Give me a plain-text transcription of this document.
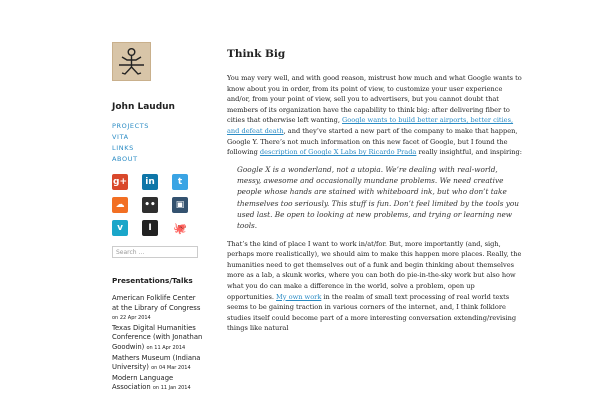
John Laudun
PROJECTS
VITA
LINKS
ABOUT
g+	in	t
☁	••	▣
v	I	🐙
Search ...
Presentations/Talks

American Folklife Center at the Library of Congress on 22 Apr 2014

Texas Digital Humanities Conference (with Jonathan Goodwin) on 11 Apr 2014

Mathers Museum (Indiana University) on 04 Mar 2014

Modern Language Association on 11 Jan 2014

Think Big

You may very well, and with good reason, mistrust how much and what Google wants to know about you in order, from its point of view, to customize your user experience and/or, from your point of view, sell you to advertisers, but you cannot doubt that members of its organization have the capability to think big: after delivering fiber to cities that otherwise left wanting, Google wants to build better airports, better cities, and defeat death, and they’ve started a new part of the company to make that happen, Google Y. There’s not much information on this new facet of Google, but I found the following description of Google X Labs by Ricardo Prada really insightful, and inspiring:

Google X is a wonderland, not a utopia. We’re dealing with real-world, messy, awesome and occasionally mundane problems. We need creative people whose hands are stained with whiteboard ink, but who don’t take themselves too seriously. This stuff is fun. Don’t feel limited by the tools you used last. Be open to looking at new problems, and trying or learning new tools.

That’s the kind of place I want to work in/at/for. But, more importantly (and, sigh, perhaps more realistically), we should aim to make this happen more places. Really, the humanities need to get themselves out of a funk and begin thinking about themselves more as a lab, a skunk works, where you can both do pie-in-the-sky work but also how what you do can make a difference in the world, solve a problem, open up opportunities. My own work in the realm of small text processing of real world texts seems to be gaining traction in various corners of the internet, and, I think folklore studies itself could become part of a more interesting conversation extending/revising things like natural
